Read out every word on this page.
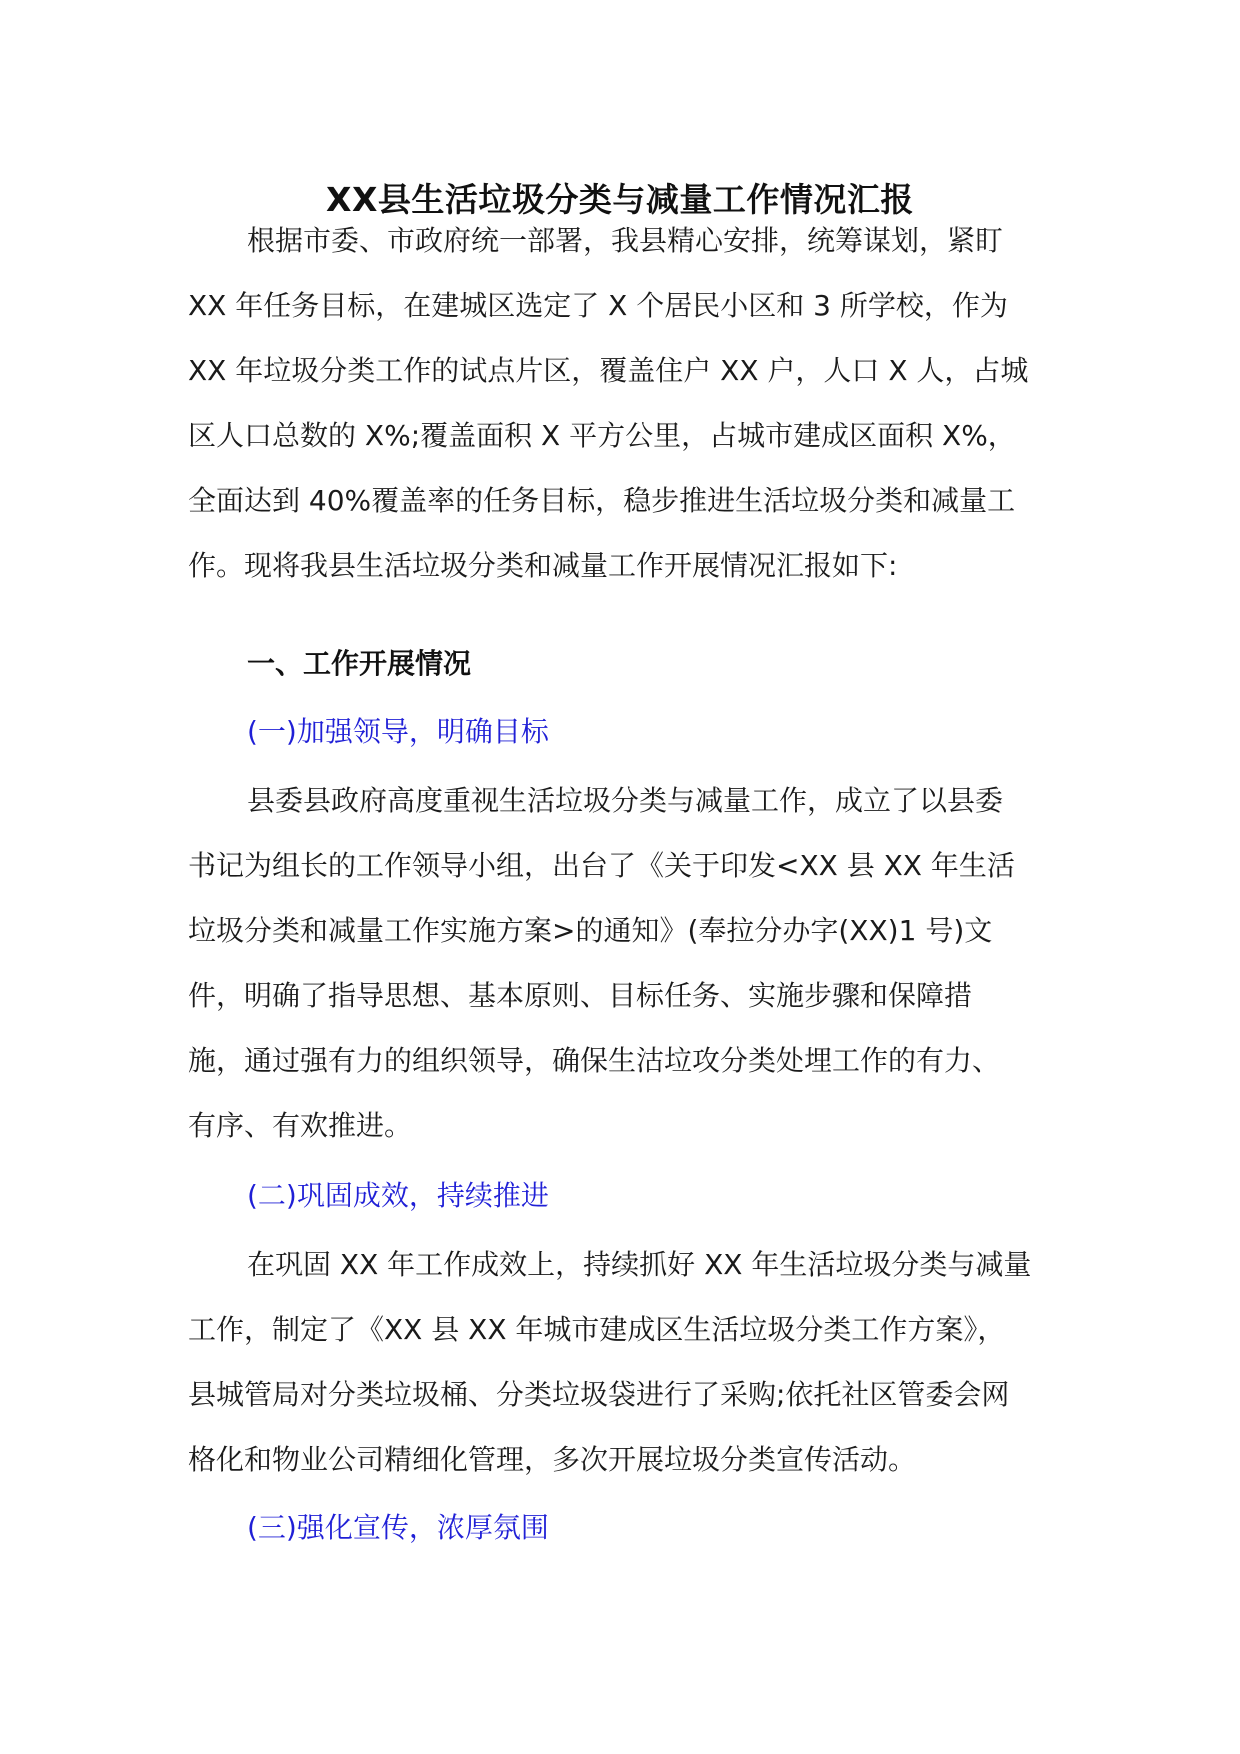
XX县生活垃圾分类与减量工作情况汇报

根据市委、市政府统一部署，我县精心安排，统筹谋划，紧盯
XX 年任务目标，在建城区选定了 X 个居民小区和 3 所学校，作为
XX 年垃圾分类工作的试点片区，覆盖住户 XX 户，人口 X 人，占城
区人口总数的 X%;覆盖面积 X 平方公里，占城市建成区面积 X%，
全面达到 40%覆盖率的任务目标，稳步推进生活垃圾分类和减量工
作。现将我县生活垃圾分类和减量工作开展情况汇报如下:

一、工作开展情况
(一)加强领导，明确目标

县委县政府高度重视生活垃圾分类与减量工作，成立了以县委
书记为组长的工作领导小组，出台了《关于印发<XX 县 XX 年生活
垃圾分类和减量工作实施方案>的通知》(奉拉分办字(XX)1 号)文
件，明确了指导思想、基本原则、目标任务、实施步骤和保障措
施，通过强有力的组织领导，确保生沽垃攻分类处埋工作的有力、
有序、有欢推进。

(二)巩固成效，持续推进

在巩固 XX 年工作成效上，持续抓好 XX 年生活垃圾分类与减量
工作，制定了《XX 县 XX 年城市建成区生活垃圾分类工作方案》，
县城管局对分类垃圾桶、分类垃圾袋进行了采购;依托社区管委会网
格化和物业公司精细化管理，多次开展垃圾分类宣传活动。

(三)强化宣传，浓厚氛围
